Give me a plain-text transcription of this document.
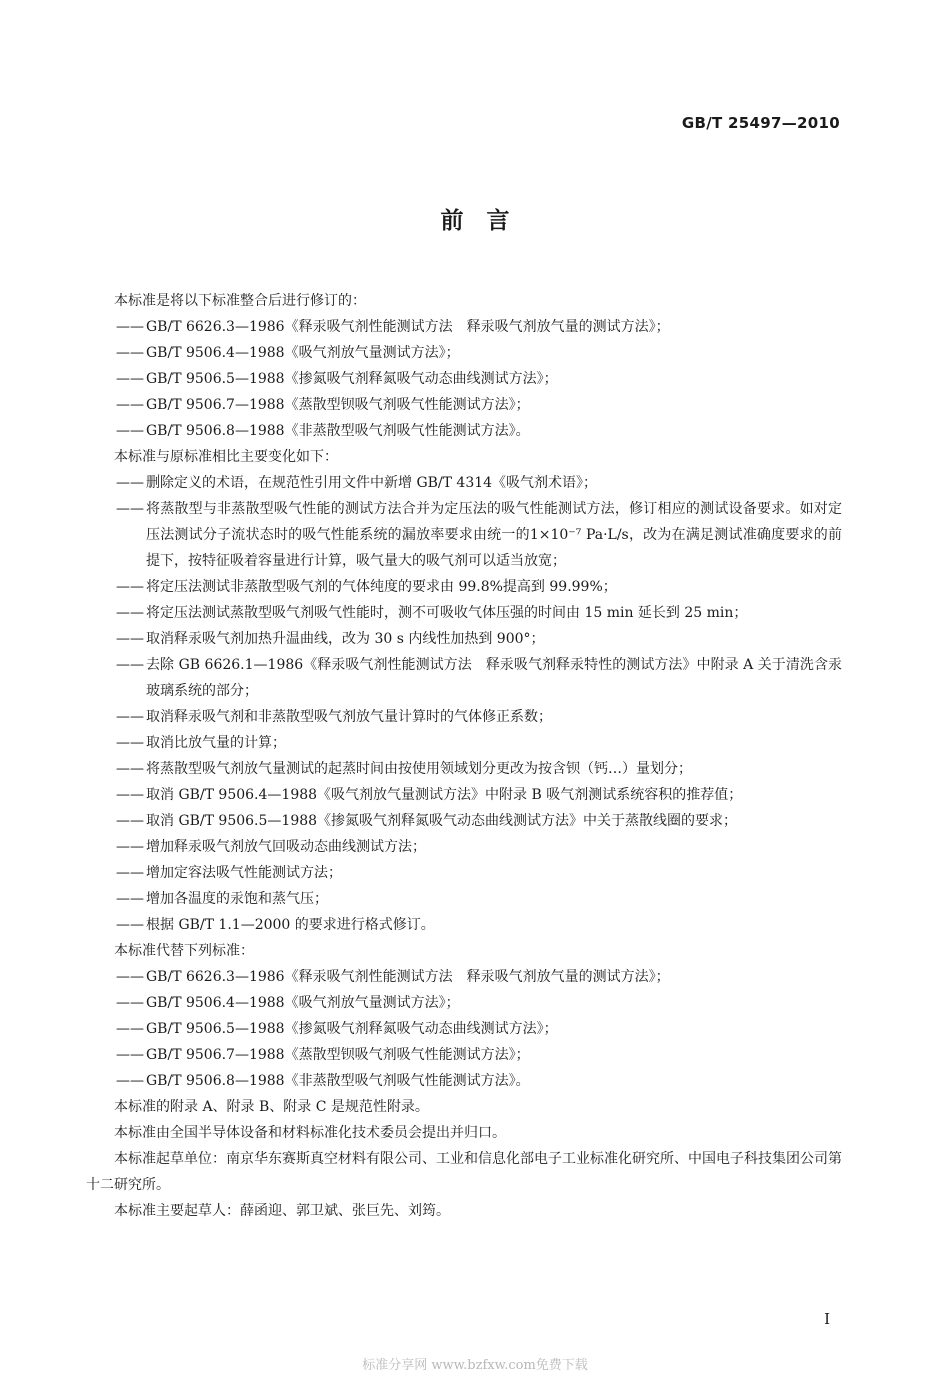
GB/T 25497—2010
前　言

本标准是将以下标准整合后进行修订的：

—— GB/T 6626.3—1986《释汞吸气剂性能测试方法　释汞吸气剂放气量的测试方法》；

—— GB/T 9506.4—1988《吸气剂放气量测试方法》；

—— GB/T 9506.5—1988《掺氮吸气剂释氮吸气动态曲线测试方法》；

—— GB/T 9506.7—1988《蒸散型钡吸气剂吸气性能测试方法》；

—— GB/T 9506.8—1988《非蒸散型吸气剂吸气性能测试方法》。

本标准与原标准相比主要变化如下：

—— 删除定义的术语，在规范性引用文件中新增 GB/T 4314《吸气剂术语》；

—— 将蒸散型与非蒸散型吸气性能的测试方法合并为定压法的吸气性能测试方法，修订相应的测试设备要求。如对定压法测试分子流状态时的吸气性能系统的漏放率要求由统一的1×10⁻⁷ Pa·L/s，改为在满足测试准确度要求的前提下，按特征吸着容量进行计算，吸气量大的吸气剂可以适当放宽；

—— 将定压法测试非蒸散型吸气剂的气体纯度的要求由 99.8%提高到 99.99%；

—— 将定压法测试蒸散型吸气剂吸气性能时，测不可吸收气体压强的时间由 15 min 延长到 25 min；

—— 取消释汞吸气剂加热升温曲线，改为 30 s 内线性加热到 900°；

—— 去除 GB 6626.1—1986《释汞吸气剂性能测试方法　释汞吸气剂释汞特性的测试方法》中附录 A 关于清洗含汞玻璃系统的部分；

—— 取消释汞吸气剂和非蒸散型吸气剂放气量计算时的气体修正系数；

—— 取消比放气量的计算；

—— 将蒸散型吸气剂放气量测试的起蒸时间由按使用领域划分更改为按含钡（钙…）量划分；

—— 取消 GB/T 9506.4—1988《吸气剂放气量测试方法》中附录 B 吸气剂测试系统容积的推荐值；

—— 取消 GB/T 9506.5—1988《掺氮吸气剂释氮吸气动态曲线测试方法》中关于蒸散线圈的要求；

—— 增加释汞吸气剂放气回吸动态曲线测试方法；

—— 增加定容法吸气性能测试方法；

—— 增加各温度的汞饱和蒸气压；

—— 根据 GB/T 1.1—2000 的要求进行格式修订。

本标准代替下列标准：

—— GB/T 6626.3—1986《释汞吸气剂性能测试方法　释汞吸气剂放气量的测试方法》；

—— GB/T 9506.4—1988《吸气剂放气量测试方法》；

—— GB/T 9506.5—1988《掺氮吸气剂释氮吸气动态曲线测试方法》；

—— GB/T 9506.7—1988《蒸散型钡吸气剂吸气性能测试方法》；

—— GB/T 9506.8—1988《非蒸散型吸气剂吸气性能测试方法》。

本标准的附录 A、附录 B、附录 C 是规范性附录。

本标准由全国半导体设备和材料标准化技术委员会提出并归口。

本标准起草单位：南京华东赛斯真空材料有限公司、工业和信息化部电子工业标准化研究所、中国电子科技集团公司第十二研究所。

本标准主要起草人：薛函迎、郭卫斌、张巨先、刘筠。

I
标准分享网 www.bzfxw.com免费下载
